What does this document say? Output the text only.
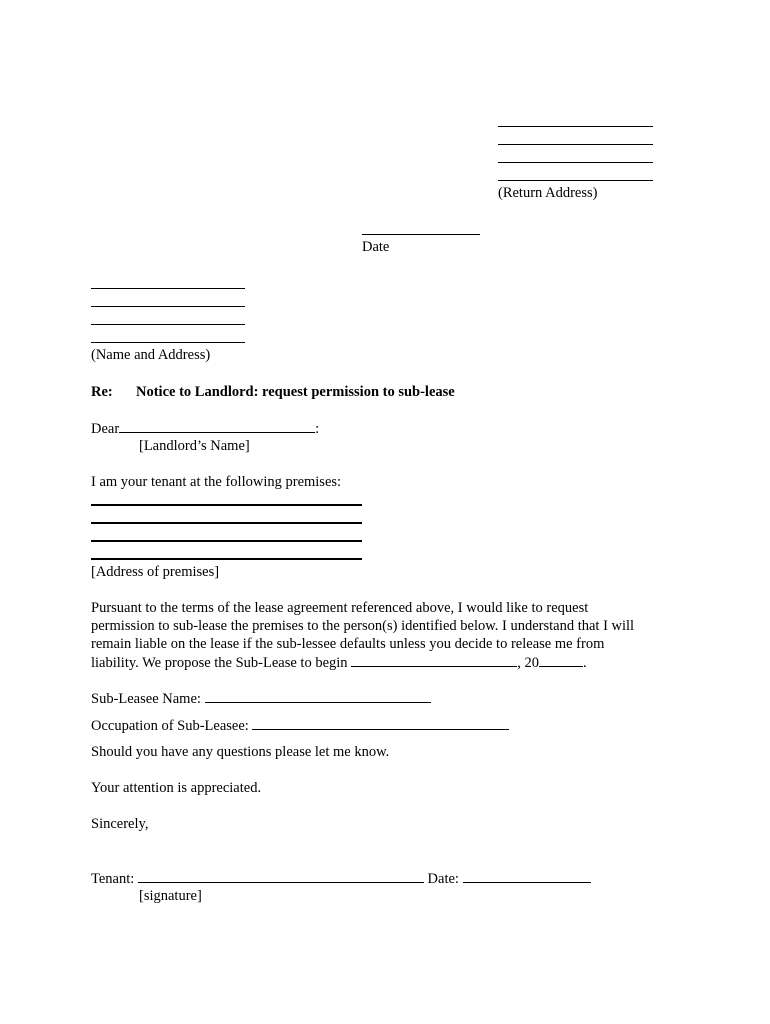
(Return Address)
Date
(Name and Address)
Re: Notice to Landlord: request permission to sub-lease
Dear	:
[Landlord’s Name]
I am your tenant at the following premises:
[Address of premises]
Pursuant to the terms of the lease agreement referenced above, I would like to request
permission to sub-lease the premises to the person(s) identified below. I understand that I will
remain liable on the lease if the sub-lessee defaults unless you decide to release me from
liability. We propose the Sub-Lease to begin	, 20	.
Sub-Leasee Name:
Occupation of Sub-Leasee:
Should you have any questions please let me know.
Your attention is appreciated.
Sincerely,
Tenant:	Date:
[signature]
